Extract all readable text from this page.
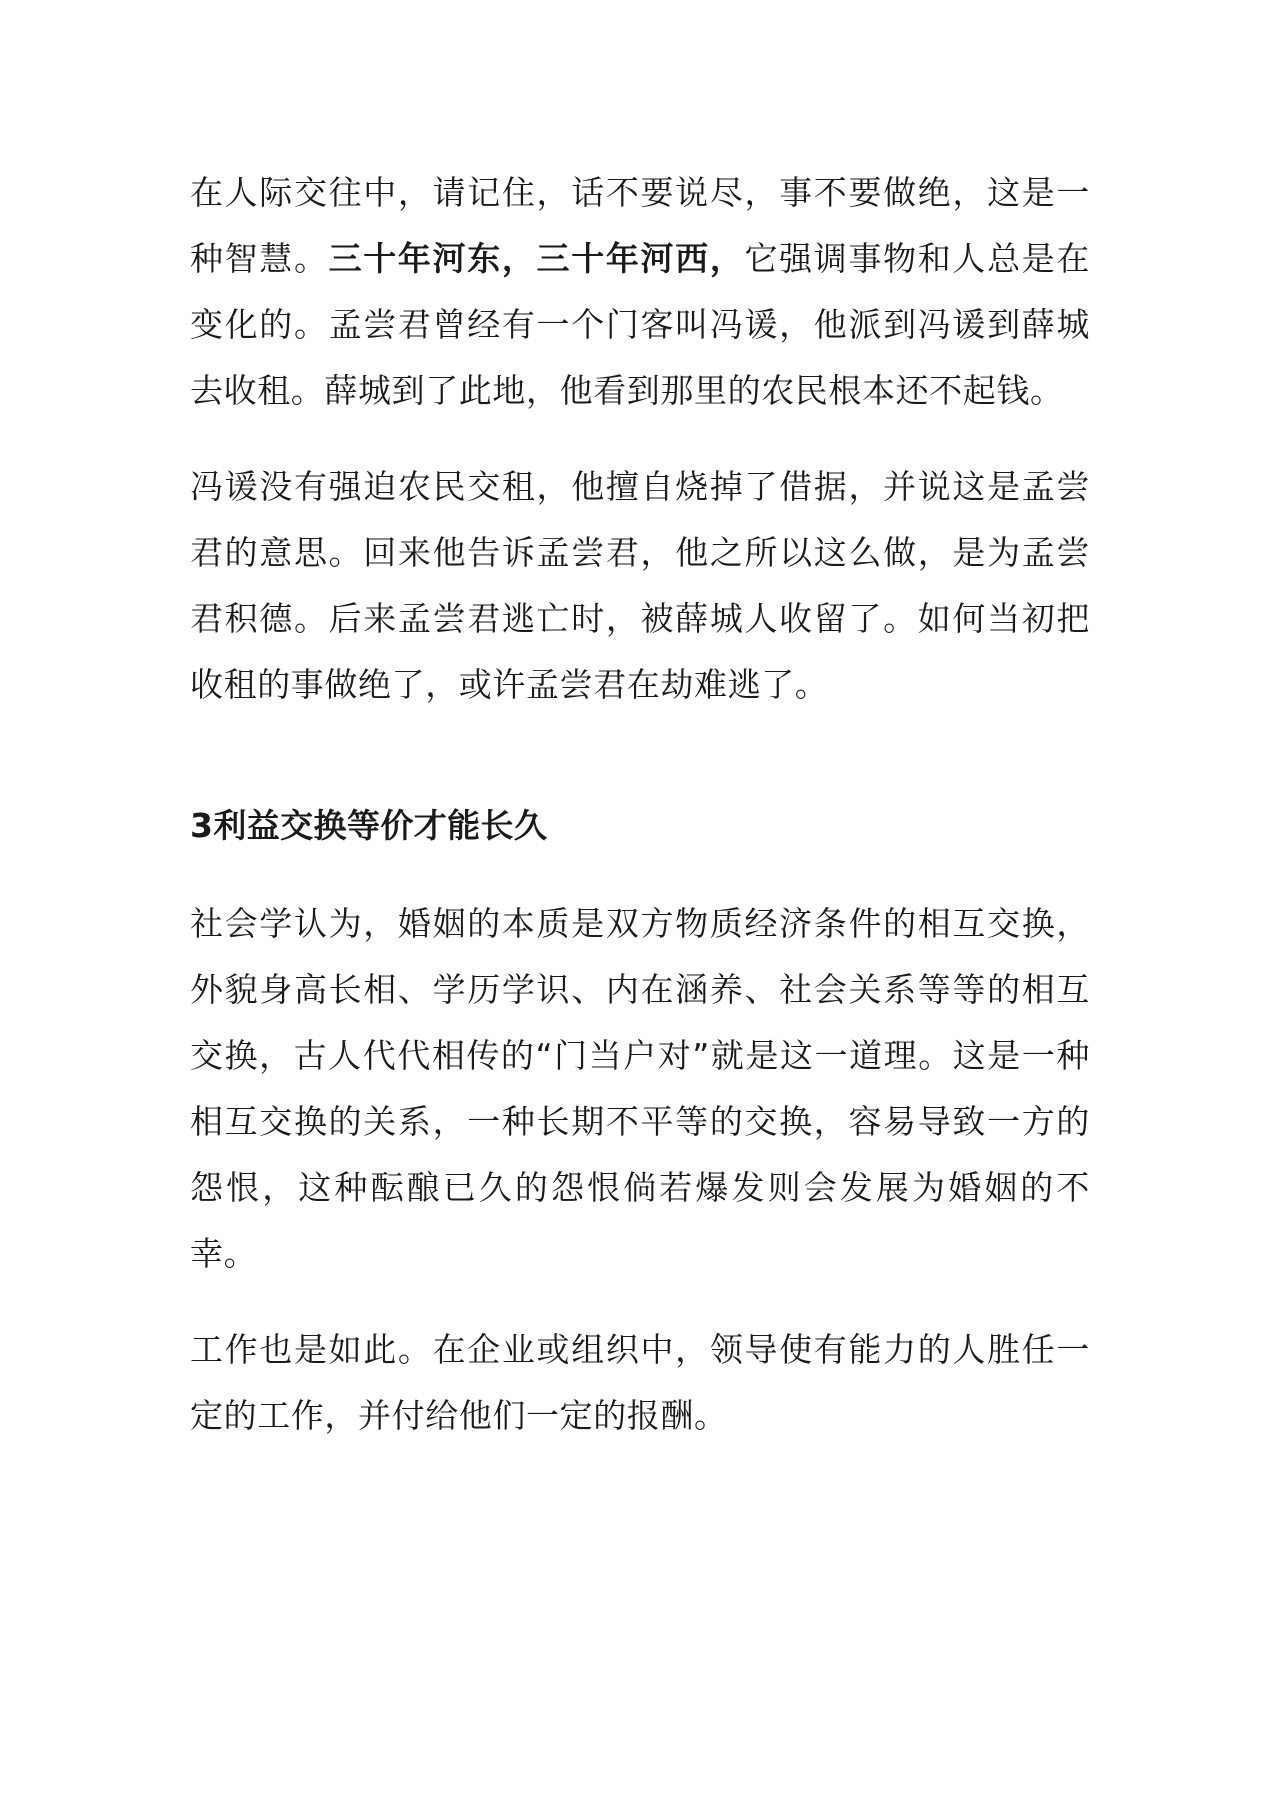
在人际交往中，请记住，话不要说尽，事不要做绝，这是一种智慧。三十年河东，三十年河西，它强调事物和人总是在变化的。孟尝君曾经有一个门客叫冯谖，他派到冯谖到薛城去收租。薛城到了此地，他看到那里的农民根本还不起钱。

冯谖没有强迫农民交租，他擅自烧掉了借据，并说这是孟尝君的意思。回来他告诉孟尝君，他之所以这么做，是为孟尝君积德。后来孟尝君逃亡时，被薛城人收留了。如何当初把收租的事做绝了，或许孟尝君在劫难逃了。

3利益交换等价才能长久

社会学认为，婚姻的本质是双方物质经济条件的相互交换，外貌身高长相、学历学识、内在涵养、社会关系等等的相互交换，古人代代相传的“门当户对”就是这一道理。这是一种相互交换的关系，一种长期不平等的交换，容易导致一方的怨恨，这种酝酿已久的怨恨倘若爆发则会发展为婚姻的不幸。

工作也是如此。在企业或组织中，领导使有能力的人胜任一定的工作，并付给他们一定的报酬。
